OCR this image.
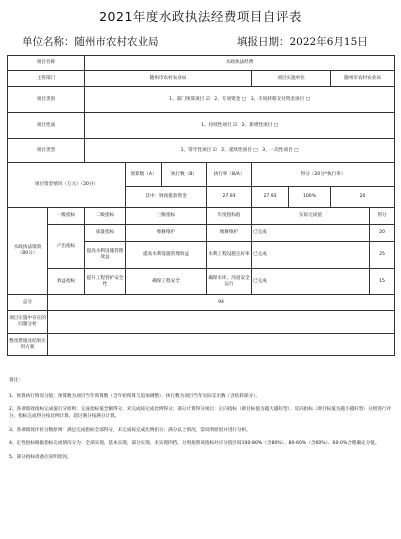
2021年度水政执法经费项目自评表
单位名称：随州市农村农业局	填报日期：2022年6月15日
项目名称		水政执法经费							
主管部门		随州市农村农业局				项目实施单位		随州市农村农业局	
项目类别		1、部门预算项目 ☑　2、专项资金 □　3、专项转移支付资金项目 □							
项目性质		1、持续性项目 ☑　2、新增性项目 □							
项目类型		1、常年性项目 ☑　2、延续性项目 □　3、一次性项目 □							
项目资金情况（万元）（20分）			预算数（A）	执行数（B）	执行率（B/A）	得分（20分*执行率）			
			其中：财政拨款资金		27.93	27.93	100%	20	
水政执法绩效（80分）	一级指标	二级指标	三级指标		年度指标值	实际完成值			得分
	产出指标	质量指标	维修维护		维修维护	已完成			20
		提高水利设施管理效益	提高水利设施管理效益		水利工程设施完好率	已完成			25
	效益指标	提升工程管护安全性	确保工程安全		确保水库、河道安全运行	已完成			15
总分	94								
项目实施中存在的问题分析									
整改措施及结果应用方案									

备注：

1、预算执行情况分值：预算数为项目当年预算数（含年初预算与追加调整），执行数为项目当年实际支出数（含结转部分）。

2、各项绩效指标完成值打分原则：完成指标值全额得分，未完成按完成比例得分；部分计算得分项目：正向指标（即目标值为越大越好型）、反向指标（即目标值为越小越好型）分别进行评分，指标完成得分按比例计算，超过满分按满分计算。

3、各项绩效评价分数原则：满足完成指标全部得分，未完成按完成比例扣分；满分以上情况，需说明原因并进行分析。

4、定性指标根据指标完成情况分为：全部实现、基本实现、部分实现、未实现四档，分别按照该指标对应分值区间100-80%（含80%）、80-60%（含60%）、60-0%合理确定分值。

5、部分指标请备注说明原因。
